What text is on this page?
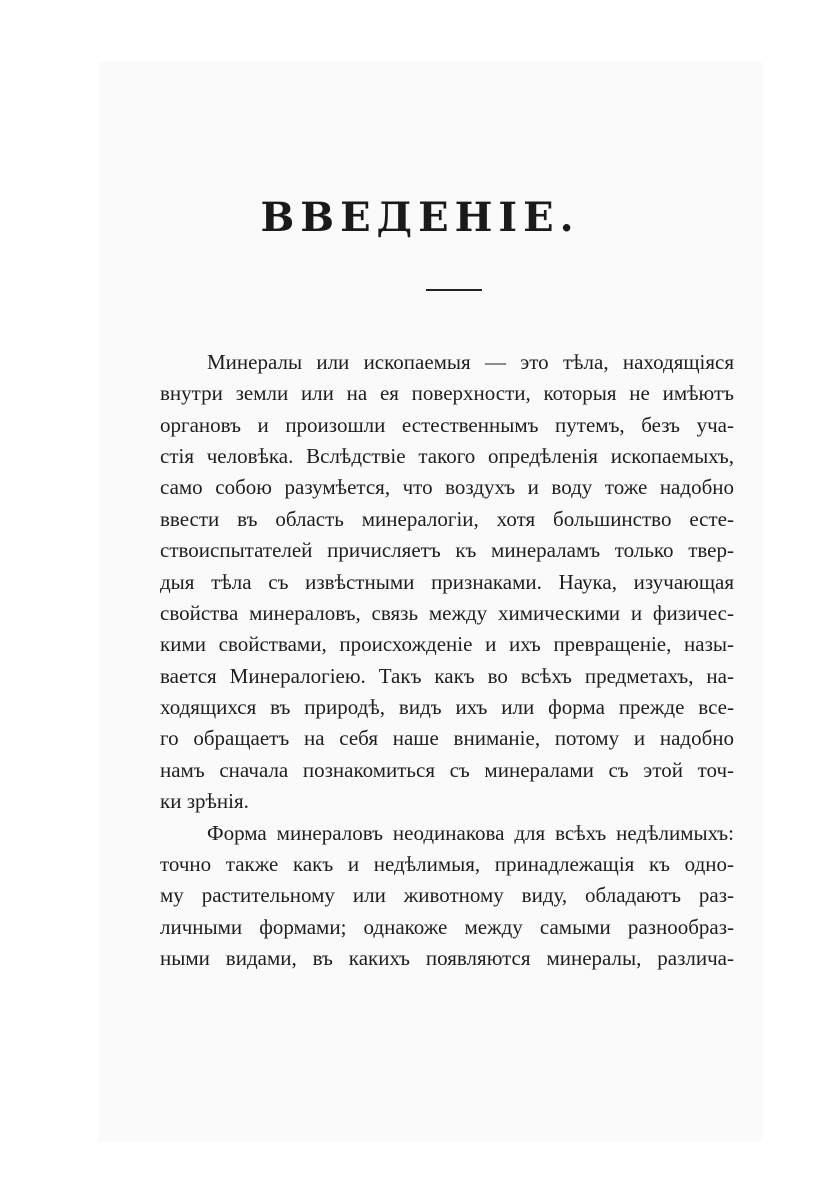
ВВЕДЕНІЕ.
Минералы или ископаемыя — это тѣла, находящіяся
внутри земли или на ея поверхности, которыя не имѣютъ
органовъ и произошли естественнымъ путемъ, безъ уча-
стія человѣка. Вслѣдствіе такого опредѣленія ископаемыхъ,
само собою разумѣется, что воздухъ и воду тоже надобно
ввести въ область минералогіи, хотя большинство есте-
ствоиспытателей причисляетъ къ минераламъ только твер-
дыя тѣла съ извѣстными признаками. Наука, изучающая
свойства минераловъ, связь между химическими и физичес-
кими свойствами, происхожденіе и ихъ превращеніе, назы-
вается Минералогіею. Такъ какъ во всѣхъ предметахъ, на-
ходящихся въ природѣ, видъ ихъ или форма прежде все-
го обращаетъ на себя наше вниманіе, потому и надобно
намъ сначала познакомиться съ минералами съ этой точ-
ки зрѣнія.
Форма минераловъ неодинакова для всѣхъ недѣлимыхъ:
точно также какъ и недѣлимыя, принадлежащія къ одно-
му растительному или животному виду, обладаютъ раз-
личными формами; однакоже между самыми разнообраз-
ными видами, въ какихъ появляются минералы, различа-
